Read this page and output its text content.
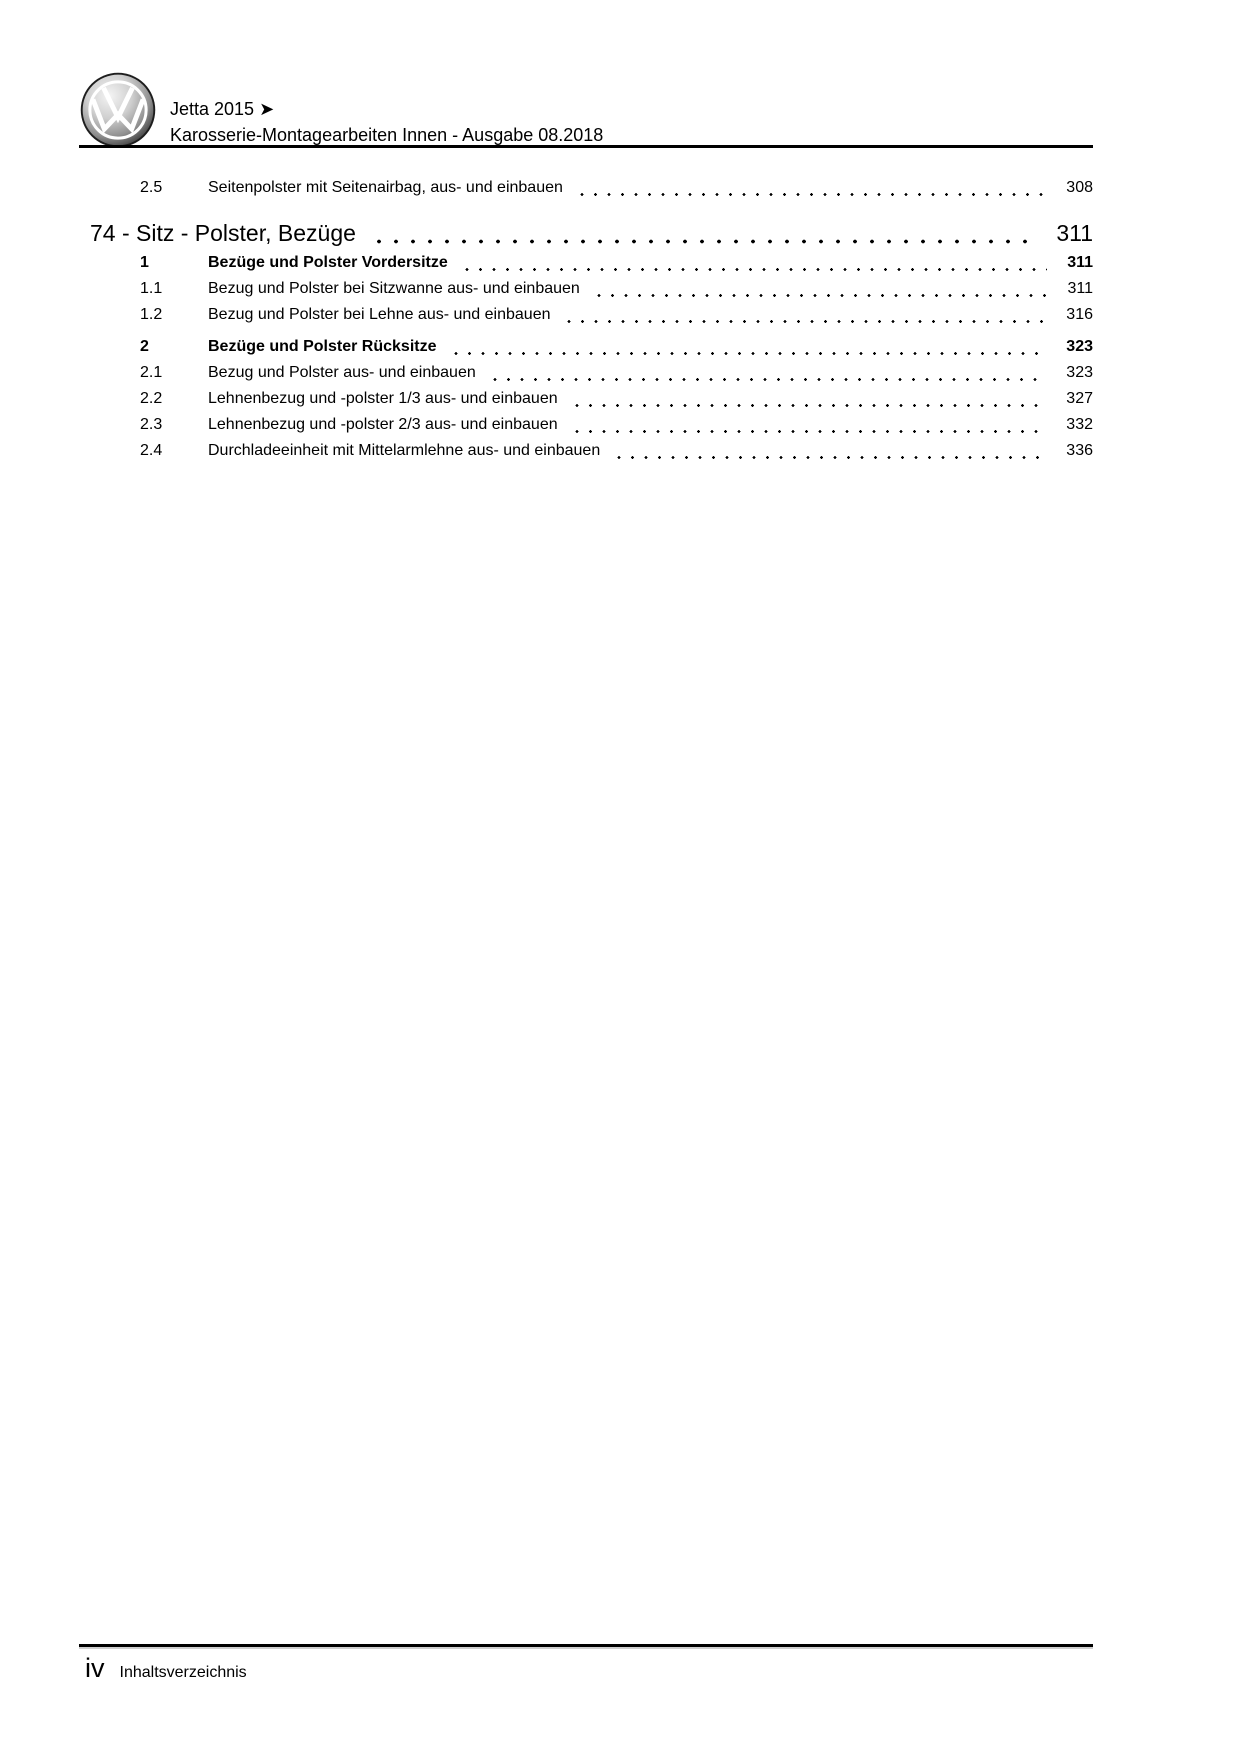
Jetta 2015 ➤
Karosserie-Montagearbeiten Innen - Ausgabe 08.2018
2.5	Seitenpolster mit Seitenairbag, aus- und einbauen	308
74 - Sitz - Polster, Bezüge	311
1	Bezüge und Polster Vordersitze	311
1.1	Bezug und Polster bei Sitzwanne aus- und einbauen	311
1.2	Bezug und Polster bei Lehne aus- und einbauen	316
2	Bezüge und Polster Rücksitze	323
2.1	Bezug und Polster aus- und einbauen	323
2.2	Lehnenbezug und -polster 1/3 aus- und einbauen	327
2.3	Lehnenbezug und -polster 2/3 aus- und einbauen	332
2.4	Durchladeeinheit mit Mittelarmlehne aus- und einbauen	336
iv Inhaltsverzeichnis
